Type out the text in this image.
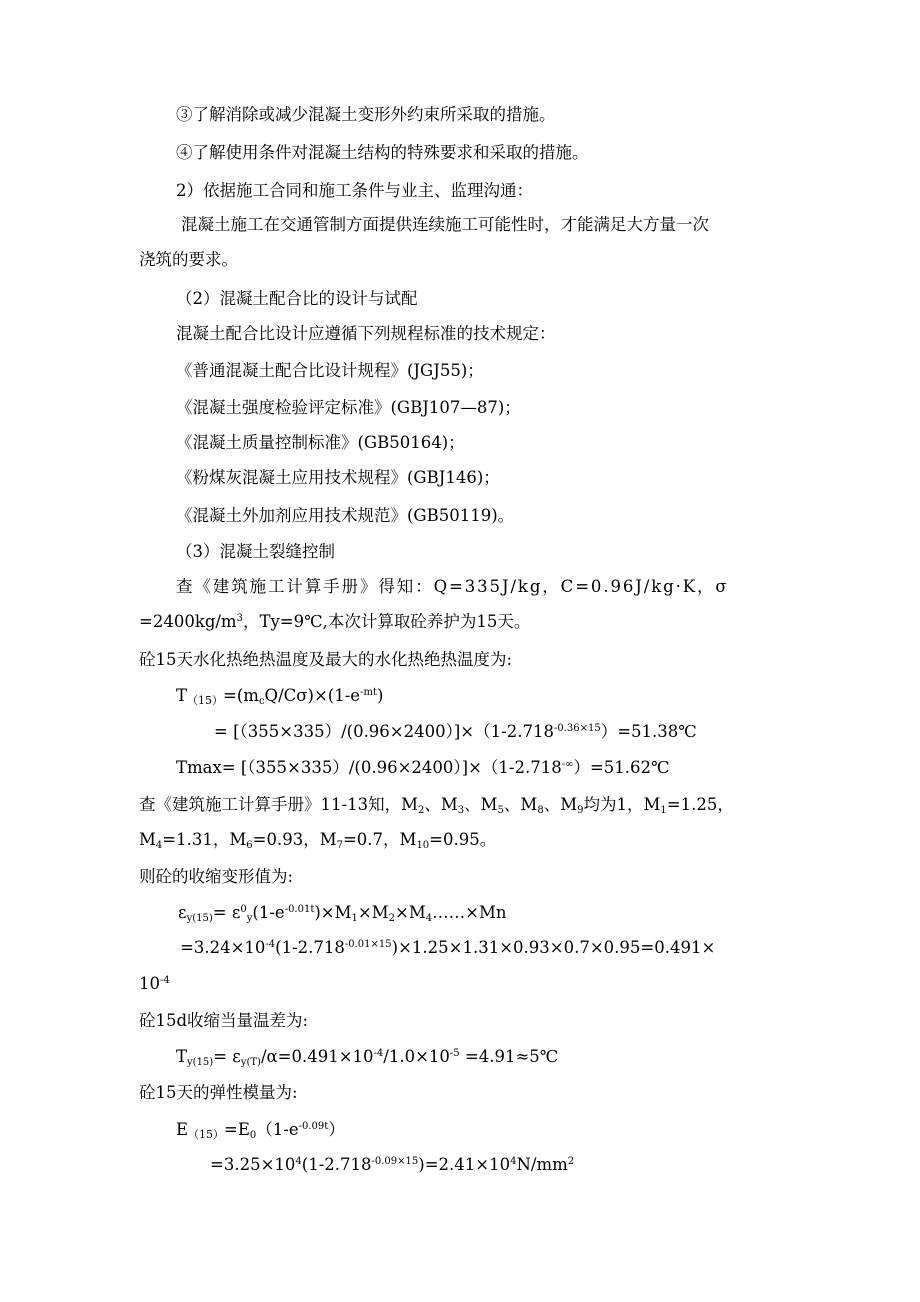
③了解消除或减少混凝土变形外约束所采取的措施。
④了解使用条件对混凝土结构的特殊要求和采取的措施。
2）依据施工合同和施工条件与业主、监理沟通：
混凝土施工在交通管制方面提供连续施工可能性时，才能满足大方量一次
浇筑的要求。
（2）混凝土配合比的设计与试配
混凝土配合比设计应遵循下列规程标准的技术规定：
《普通混凝土配合比设计规程》(JGJ55)；
《混凝土强度检验评定标准》(GBJ107—87)；
《混凝土质量控制标准》(GB50164)；
《粉煤灰混凝土应用技术规程》(GBJ146)；
《混凝土外加剂应用技术规范》(GB50119)。
（3）混凝土裂缝控制
查《建筑施工计算手册》得知：Q=335J/kg，C=0.96J/kg·K，σ
$=2400kg/m^3$，Ty=9℃,本次计算取砼养护为15天。
砼15天水化热绝热温度及最大的水化热绝热温度为:
$T_{(15)}=(m_cQ/C\sigma)\times(1-e^{-mt})$
= $[(355\times 335)/(0.96\times 2400)]\times(1-2.718^{-0.36\times 15})=51.38℃$
Tmax= [（355×335）/(0.96×2400）]×（1-2.718-∞）=51.62℃
查《建筑施工计算手册》11-13知，$M_2$、$M_3$、$M_5$、$M_8$、$M_9$均为1，$M_1=1.25$，
$M_4=1.31$，$M_6=0.93$，$M_7=0.7$，$M_{10}=0.95$。
则砼的收缩变形值为:
$\varepsilon_{y(15)}=$ $\varepsilon^0_y(1-e^{-0.01t})\times M_1\times M_2\times M_4\dots\dots\times Mn$
$=3.24\times 10^{-4}(1-2.718^{-0.01\times 15})\times 1.25\times 1.31\times 0.93\times 0.7\times 0.95=0.491\times$
$10^{-4}$
砼15d收缩当量温差为:
$T_{y(15)}= \varepsilon_{y(T)}/\alpha=0.491\times 10^{-4}/1.0\times 10^{-5}$ =4.91≈5℃
砼15天的弹性模量为:
$E_{(15)}=E_0(1-e^{-0.09t})$
$=3.25\times 10^4(1-2.718^{-0.09\times 15})=2.41\times 10^4N/mm^2$
